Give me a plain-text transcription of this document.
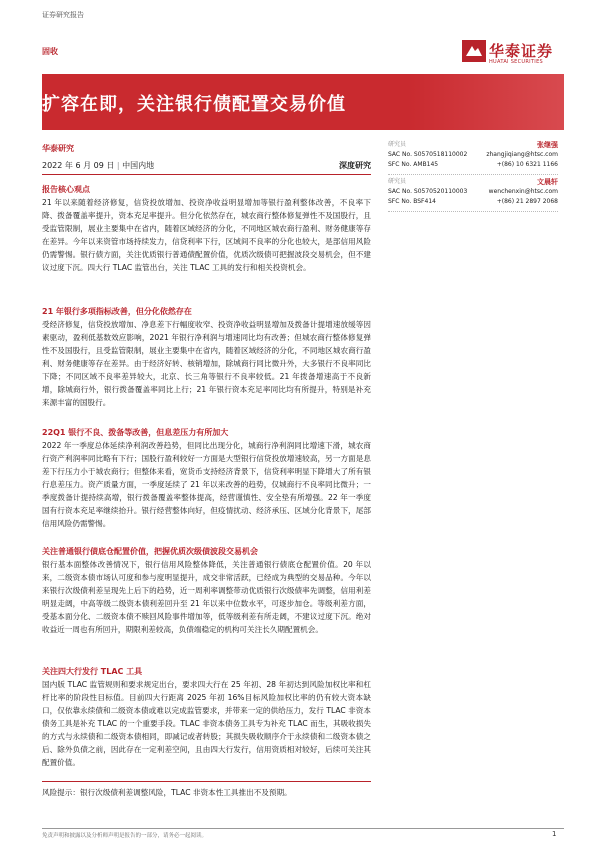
证券研究报告
固收	华泰证券
HUATAI SECURITIES
扩容在即，关注银行债配置交易价值
华泰研究
2022 年 6 月 09 日 | 中国内地	深度研究
研究员	张继强
SAC No. S0570518110002	zhangjiqiang@htsc.com
SFC No. AMB145	+(86) 10 6321 1166
研究员	文晨轩
SAC No. S0570520110003	wenchenxin@htsc.com
SFC No. BSF414	+(86) 21 2897 2068
报告核心观点
21 年以来随着经济修复，信贷投放增加、投资净收益明显增加等银行盈利整体改善，不良率下降、拨备覆盖率提升，资本充足率提升。但分化依然存在，城农商行整体修复弹性不及国股行，且受监管限制，展业主要集中在省内，随着区域经济的分化，不同地区城农商行盈利、财务健康等存在差异。今年以来资管市场持续发力，信贷利率下行，区域间不良率的分化也较大，是部信用风险仍需警惕。银行债方面，关注优质银行普通债配置价值，优质次级债可把握波段交易机会，但不建议过度下沉。四大行 TLAC 监管出台，关注 TLAC 工具的发行和相关投资机会。
21 年银行多项指标改善，但分化依然存在
受经济修复，信贷投放增加、净息差下行幅度收窄、投资净收益明显增加及拨备计提增速放缓等因素驱动，盈利低基数效应影响，2021 年银行净利润与增速同比均有改善；但城农商行整体修复弹性不及国股行，且受监管限制，展业主要集中在省内，随着区域经济的分化，不同地区城农商行盈利、财务健康等存在差异。由于经济好转、核销增加，除城商行同比微升外，大多银行不良率同比下降；不同区域不良率差异较大，北京、长三角等银行不良率较低。21 年拨备增速高于不良新增，除城商行外，银行拨备覆盖率同比上行；21 年银行资本充足率同比均有所提升，特别是补充来源丰富的国股行。
22Q1 银行不良、拨备等改善，但息差压力有所加大
2022 年一季度总体延续净利润改善趋势，但同比出现分化，城商行净利润同比增速下滑，城农商行资产利润率同比略有下行；国股行盈利较好一方面是大型银行信贷投放增速较高，另一方面是息差下行压力小于城农商行；但整体来看，宽货币支持经济背景下，信贷利率明显下降增大了所有银行息差压力。资产质量方面，一季度延续了 21 年以来改善的趋势，仅城商行不良率同比微升；一季度拨备计提持续高增，银行拨备覆盖率整体提高，经营谨慎性、安全垫有所增强。22 年一季度国有行资本充足率继续抬升。银行经营整体向好，但疫情扰动、经济承压、区域分化背景下，尾部信用风险仍需警惕。
关注普通银行债底仓配置价值，把握优质次级债波段交易机会
银行基本面整体改善情况下，银行信用风险整体降低，关注普通银行债底仓配置价值。20 年以来，二级资本债市场认可度和参与度明显提升，成交非常活跃，已经成为典型的交易品种。今年以来银行次级债利差呈现先上后下的趋势，近一周利率调整带动优质银行次级债率先调整，信用利差明显走阔，中高等级二级资本债利差回升至 21 年以来中位数水平，可逐步加仓。等级利差方面，受基本面分化、二级资本债不赎回风险事件增加等，低等级利差有所走阔，不建议过度下沉。绝对收益近一周也有所回升，期限利差较高，负债端稳定的机构可关注长久期配置机会。
关注四大行发行 TLAC 工具
国内版 TLAC 监管规则和要求规定出台，要求四大行在 25 年初、28 年初达到风险加权比率和杠杆比率的阶段性目标值。目前四大行距离 2025 年初 16%目标风险加权比率的仍有较大资本缺口，仅依靠永续债和二级资本债或难以完成监管要求，并带来一定的供给压力，发行 TLAC 非资本债务工具是补充 TLAC 的一个重要手段。TLAC 非资本债务工具专为补充 TLAC 而生，其吸收损失的方式与永续债和二级资本债相同，即减记或者转股；其损失吸收顺序介于永续债和二级资本债之后、除外负债之前，因此存在一定利差空间，且由四大行发行，信用资质相对较好，后续可关注其配置价值。
风险提示：银行次级债利差调整风险，TLAC 非资本性工具推出不及预期。
免责声明和披露以及分析师声明是报告的一部分，请务必一起阅读。	1
